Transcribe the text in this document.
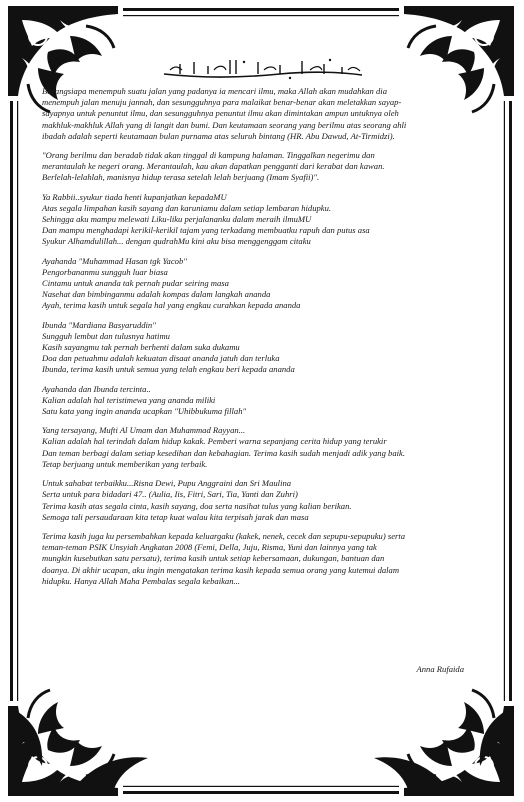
Barangsiapa menempuh suatu jalan yang padanya ia mencari ilmu, maka Allah akan mudahkan dia
menempuh jalan menuju jannah, dan sesungguhnya para malaikat benar-benar akan meletakkan sayap-
sayapnya untuk penuntut ilmu, dan sesungguhnya penuntut ilmu akan dimintakan ampun untuknya oleh
makhluk-makhluk Allah yang di langit dan bumi. Dan keutamaan seorang yang berilmu atas seorang ahli
ibadah adalah seperti keutamaan bulan purnama atas seluruh bintang (HR. Abu Dawud, At-Tirmidzi).
"Orang berilmu dan beradab tidak akan tinggal di kampung halaman. Tinggalkan negerimu dan
merantaulah ke negeri orang. Merantaulah, kau akan dapatkan pengganti dari kerabat dan kawan.
Berlelah-lelahlah, manisnya hidup terasa setelah lelah berjuang (Imam Syafii)".
Ya Rabbii..syukur tiada henti kupanjatkan kepadaMU
Atas segala limpahan kasih sayang dan karuniamu dalam setiap lembaran hidupku.
Sehingga aku mampu melewati Liku-liku perjalananku dalam meraih ilmuMU
Dan mampu menghadapi kerikil-kerikil tajam yang terkadang membuatku rapuh dan putus asa
Syukur Alhamdulillah... dengan qudrahMu kini aku bisa menggenggam citaku
Ayahanda "Muhammad Hasan tgk Yacob"
Pengorbananmu sungguh luar biasa
Cintamu untuk ananda tak pernah pudar seiring masa
Nasehat dan bimbinganmu adalah kompas dalam langkah ananda
Ayah, terima kasih untuk segala hal yang engkau curahkan kepada ananda
Ibunda "Mardiana Basyaruddin"
Sungguh lembut dan tulusnya hatimu
Kasih sayangmu tak pernah berhenti dalam suka dukamu
Doa dan petuahmu adalah kekuatan disaat ananda jatuh dan terluka
Ibunda, terima kasih untuk semua yang telah engkau beri kepada ananda
Ayahanda dan Ibunda tercinta..
Kalian adalah hal teristimewa yang ananda miliki
Satu kata yang ingin ananda ucapkan "Uhibbukuma fillah"
Yang tersayang, Mufti Al Umam dan Muhammad Rayyan...
Kalian adalah hal terindah dalam hidup kakak. Pemberi warna sepanjang cerita hidup yang terukir
Dan teman berbagi dalam setiap kesedihan dan kebahagian. Terima kasih sudah menjadi adik yang baik.
Tetap berjuang untuk memberikan yang terbaik.
Untuk sahabat terbaikku...Risna Dewi, Pupu Anggraini dan Sri Maulina
Serta untuk para bidadari 47.. (Aulia, Iis, Fitri, Sari, Tia, Yanti dan Zuhri)
Terima kasih atas segala cinta, kasih sayang, doa serta nasihat tulus yang kalian berikan.
Semoga tali persaudaraan kita tetap kuat walau kita terpisah jarak dan masa
Terima kasih juga ku persembahkan kepada keluargaku (kakek, nenek, cecek dan sepupu-sepupuku) serta
teman-teman PSIK Unsyiah Angkatan 2008 (Femi, Della, Juju, Risma, Yuni dan lainnya yang tak
mungkin kusebutkan satu persatu), terima kasih untuk setiap kebersamaan, dukungan, bantuan dan
doanya. Di akhir ucapan, aku ingin mengatakan terima kasih kepada semua orang yang kutemui dalam
hidupku. Hanya Allah Maha Pembalas segala kebaikan...
Anna Rufaida
